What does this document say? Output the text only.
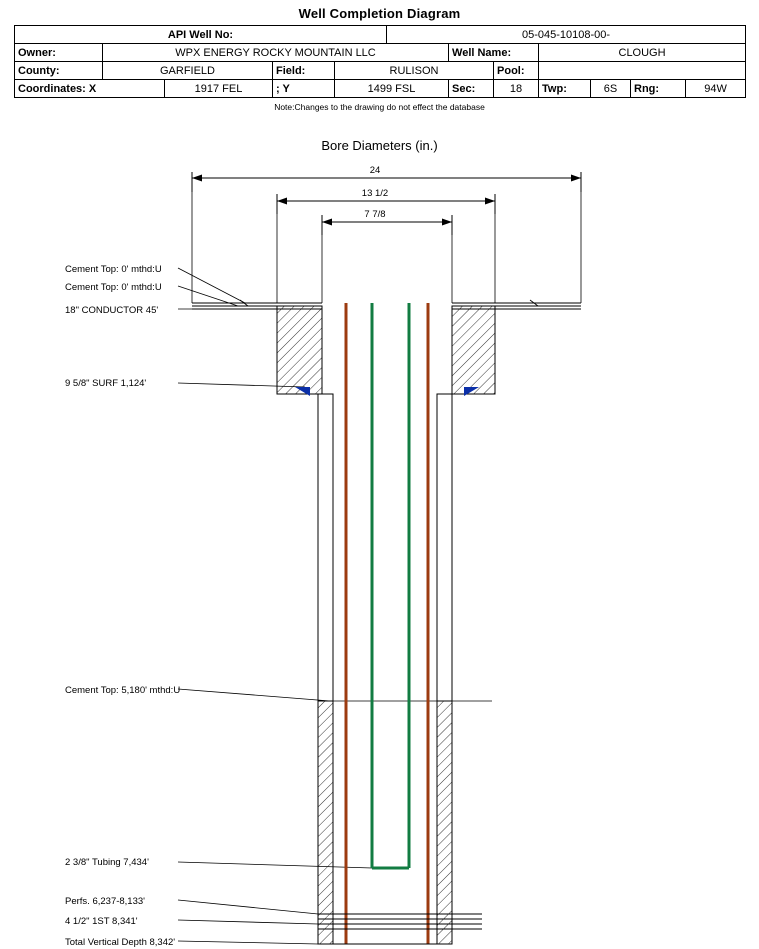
Well Completion Diagram
API Well No:					05-045-10108-00-						
Owner:	WPX ENERGY ROCKY MOUNTAIN LLC					Well Name:		CLOUGH			
County:	GARFIELD		Field:	RULISON			Pool:				
Coordinates: X		1917 FEL	; Y	1499 FSL		Sec:	18	Twp:	6S	Rng:	94W
Note:Changes to the drawing do not effect the database
Bore Diameters (in.)
24
13 1/2
7 7/8
Cement Top: 0' mthd:U
Cement Top: 0' mthd:U
18" CONDUCTOR 45'
9 5/8" SURF 1,124'
Cement Top: 5,180' mthd:U
2 3/8" Tubing 7,434'
Perfs. 6,237-8,133'
4 1/2" 1ST 8,341'
Total Vertical Depth 8,342'
